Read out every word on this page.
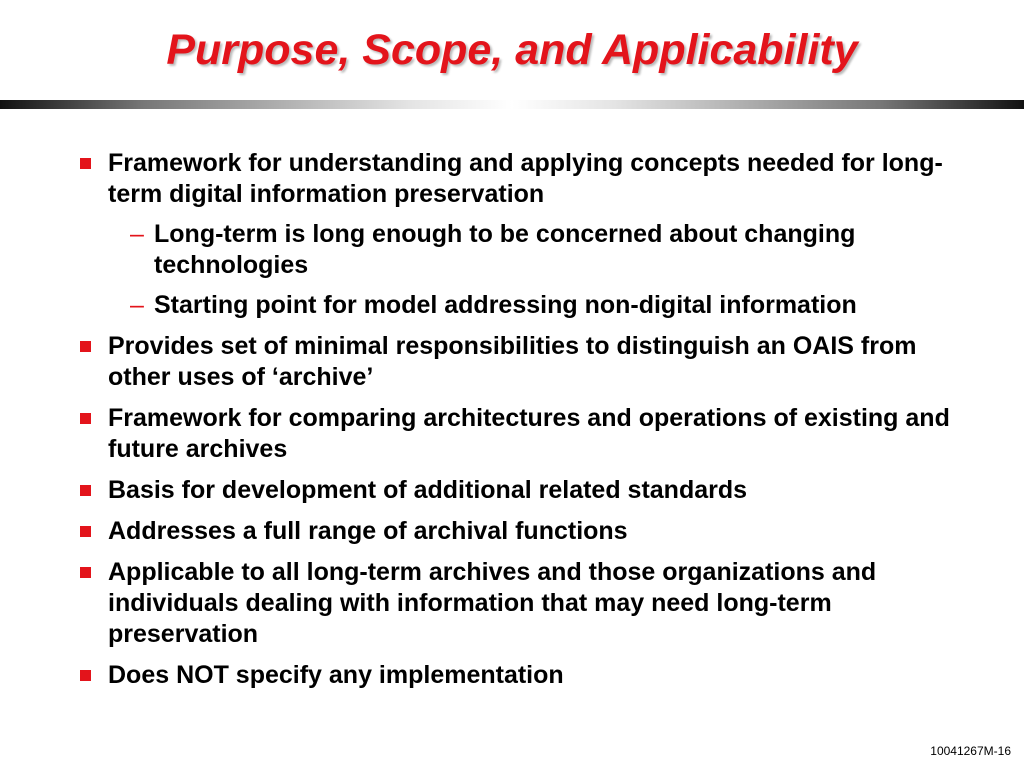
Purpose, Scope, and Applicability
Framework for understanding and applying concepts needed for long-term digital information preservation
– Long-term is long enough to be concerned about changing technologies
– Starting point for model addressing non-digital information
Provides set of minimal responsibilities to distinguish an OAIS from other uses of ‘archive’
Framework for comparing architectures and operations of existing and future archives
Basis for development of additional related standards
Addresses a full range of archival functions
Applicable to all long-term archives and those organizations and individuals dealing with information that may need long-term preservation
Does NOT specify any implementation
10041267M-16
